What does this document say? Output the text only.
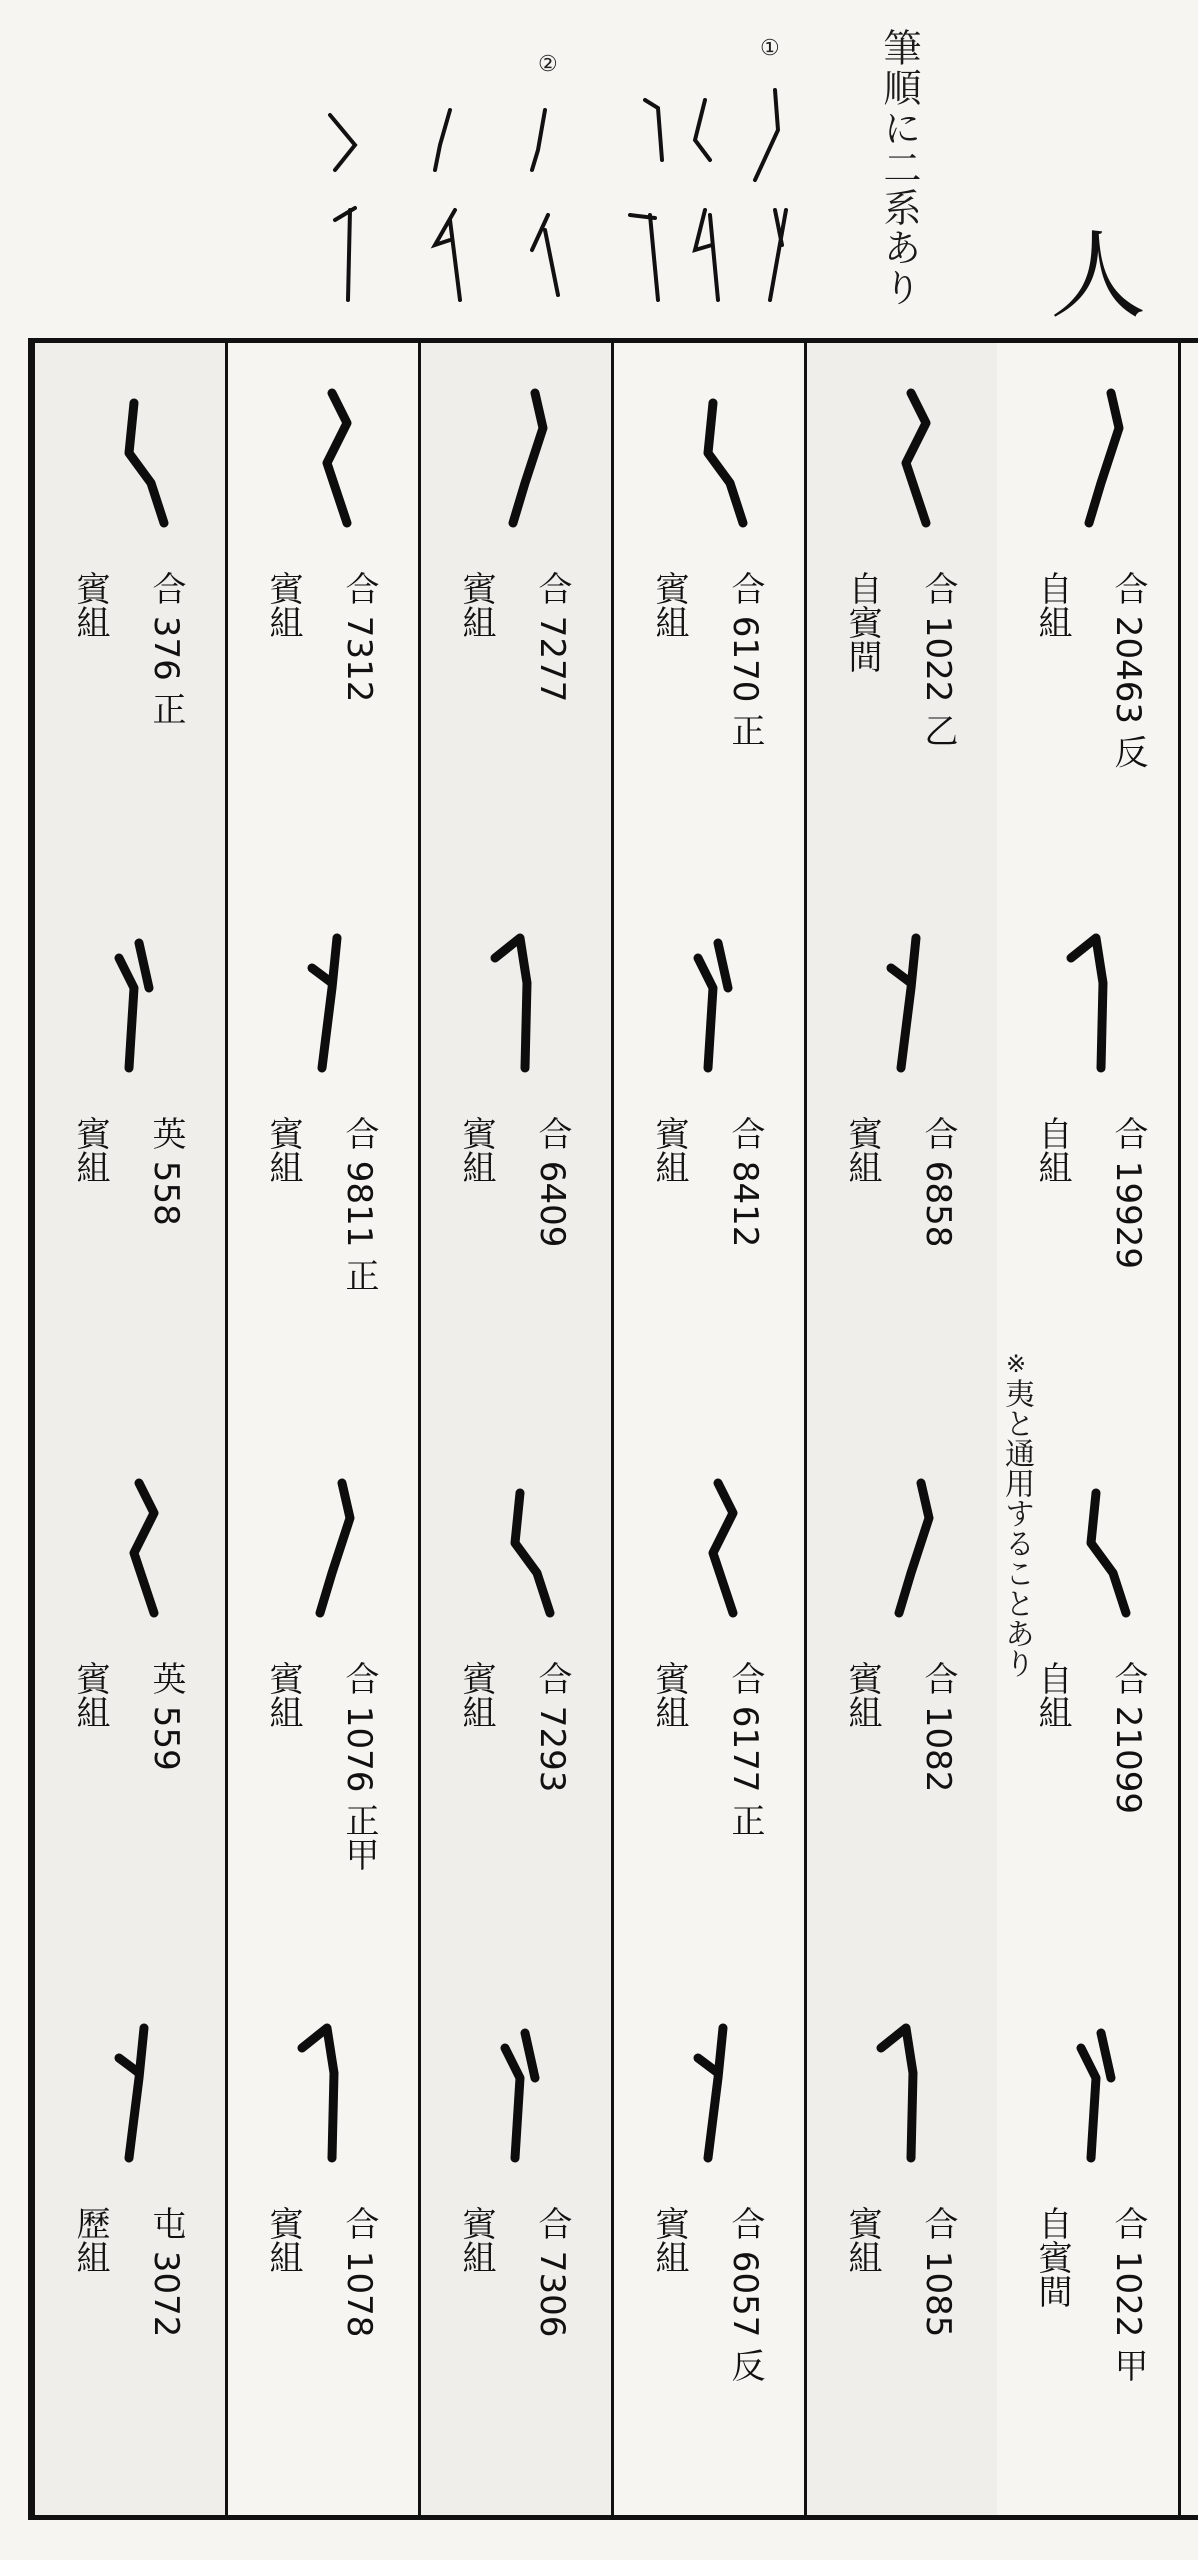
②
①	筆順に二系あり 人
合 20463 反
自組
合 19929
自組
合 21099
自組
合 1022 甲
自賓間
合 1022 乙
自賓間
合 6858
賓組
合 1082
賓組
合 1085
賓組
合 6170 正
賓組
合 8412
賓組
合 6177 正
賓組
合 6057 反
賓組
合 7277
賓組
合 6409
賓組
合 7293
賓組
合 7306
賓組
合 7312
賓組
合 9811 正
賓組
合 1076 正甲
賓組
合 1078
賓組
合 376 正
賓組
英 558
賓組
英 559
賓組
屯 3072
歷組
※夷と通用することあり
